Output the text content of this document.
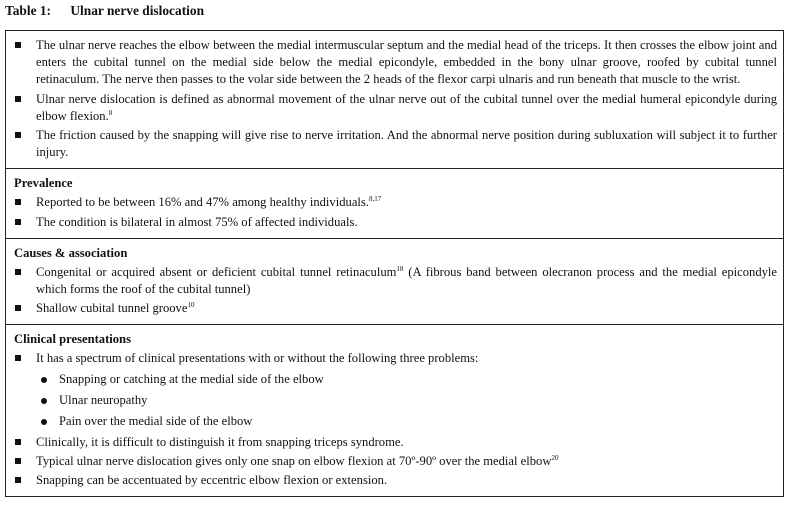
Table 1: Ulnar nerve dislocation
The ulnar nerve reaches the elbow between the medial intermuscular septum and the medial head of the triceps. It then crosses the elbow joint and enters the cubital tunnel on the medial side below the medial epicondyle, embedded in the bony ulnar groove, roofed by cubital tunnel retinaculum. The nerve then passes to the volar side between the 2 heads of the flexor carpi ulnaris and run beneath that muscle to the wrist.
Ulnar nerve dislocation is defined as abnormal movement of the ulnar nerve out of the cubital tunnel over the medial humeral epicondyle during elbow flexion.$^8$
The friction caused by the snapping will give rise to nerve irritation. And the abnormal nerve position during subluxation will subject it to further injury.
Prevalence
Reported to be between 16% and 47% among healthy individuals.$^{8,17}$
The condition is bilateral in almost 75% of affected individuals.
Causes & association
Congenital or acquired absent or deficient cubital tunnel retinaculum$^{18}$ (A fibrous band between olecranon process and the medial epicondyle which forms the roof of the cubital tunnel)
Shallow cubital tunnel groove$^{10}$
Clinical presentations
It has a spectrum of clinical presentations with or without the following three problems:
Snapping or catching at the medial side of the elbow
Ulnar neuropathy
Pain over the medial side of the elbow
Clinically, it is difficult to distinguish it from snapping triceps syndrome.
Typical ulnar nerve dislocation gives only one snap on elbow flexion at 70º-90º over the medial elbow$^{20}$
Snapping can be accentuated by eccentric elbow flexion or extension.
